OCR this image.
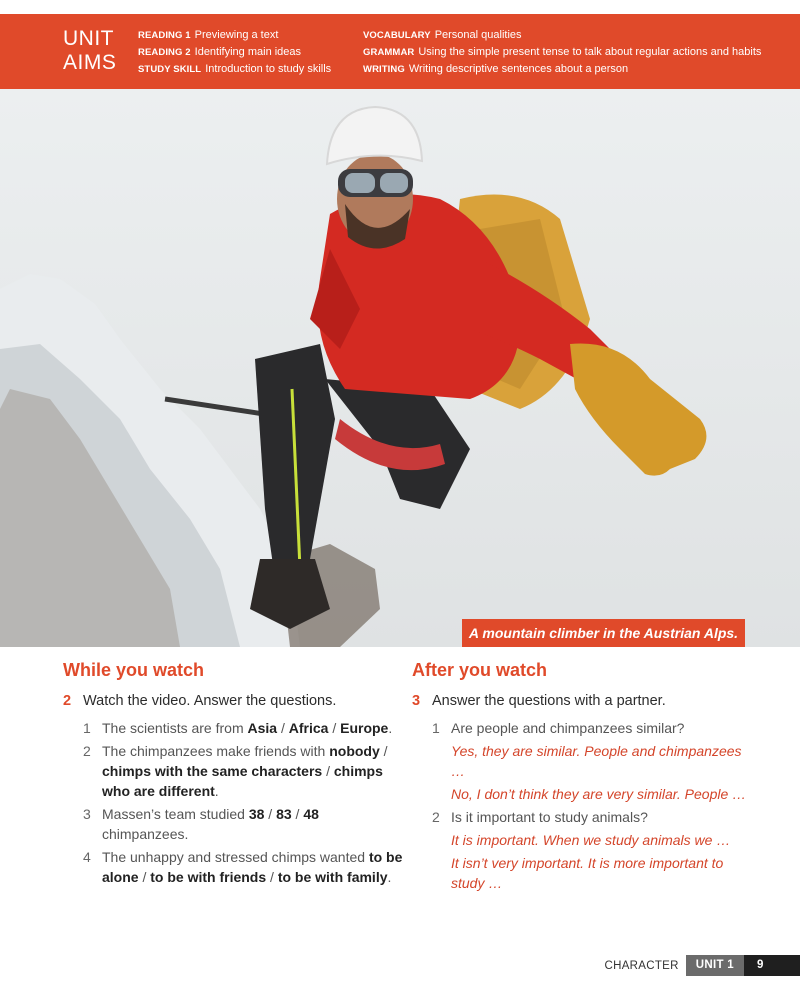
UNIT
AIMS
READING 1 Previewing a text
READING 2 Identifying main ideas
STUDY SKILL Introduction to study skills
VOCABULARY Personal qualities
GRAMMAR Using the simple present tense to talk about regular actions and habits
WRITING Writing descriptive sentences about a person
A mountain climber in the Austrian Alps.
While you watch
2 Watch the video. Answer the questions.
1 The scientists are from Asia / Africa / Europe.
2 The chimpanzees make friends with nobody / chimps with the same characters / chimps who are different.
3 Massen’s team studied 38 / 83 / 48 chimpanzees.
4 The unhappy and stressed chimps wanted to be alone / to be with friends / to be with family.
After you watch
3 Answer the questions with a partner.
1 Are people and chimpanzees similar?
Yes, they are similar. People and chimpanzees …
No, I don’t think they are very similar. People …
2 Is it important to study animals?
It is important. When we study animals we …
It isn’t very important. It is more important to study …
CHARACTER	UNIT 1	9
